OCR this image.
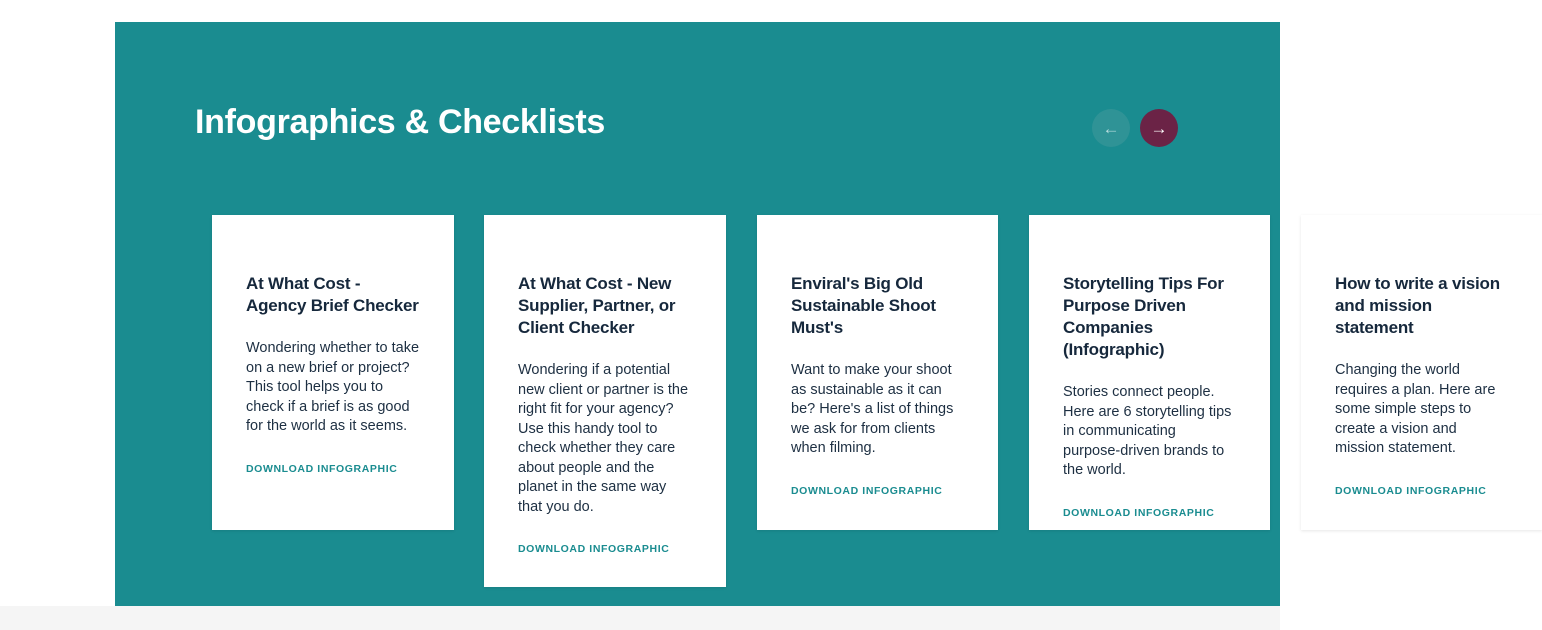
Infographics & Checklists	← →
At What Cost - Agency Brief Checker

Wondering whether to take on a new brief or project? This tool helps you to check if a brief is as good for the world as it seems.

DOWNLOAD INFOGRAPHIC
At What Cost - New Supplier, Partner, or Client Checker

Wondering if a potential new client or partner is the right fit for your agency? Use this handy tool to check whether they care about people and the planet in the same way that you do.

DOWNLOAD INFOGRAPHIC
Enviral's Big Old Sustainable Shoot Must's

Want to make your shoot as sustainable as it can be? Here's a list of things we ask for from clients when filming.

DOWNLOAD INFOGRAPHIC
Storytelling Tips For Purpose Driven Companies (Infographic)

Stories connect people. Here are 6 storytelling tips in communicating purpose-driven brands to the world.

DOWNLOAD INFOGRAPHIC
How to write a vision and mission statement

Changing the world requires a plan. Here are some simple steps to create a vision and mission statement.

DOWNLOAD INFOGRAPHIC
